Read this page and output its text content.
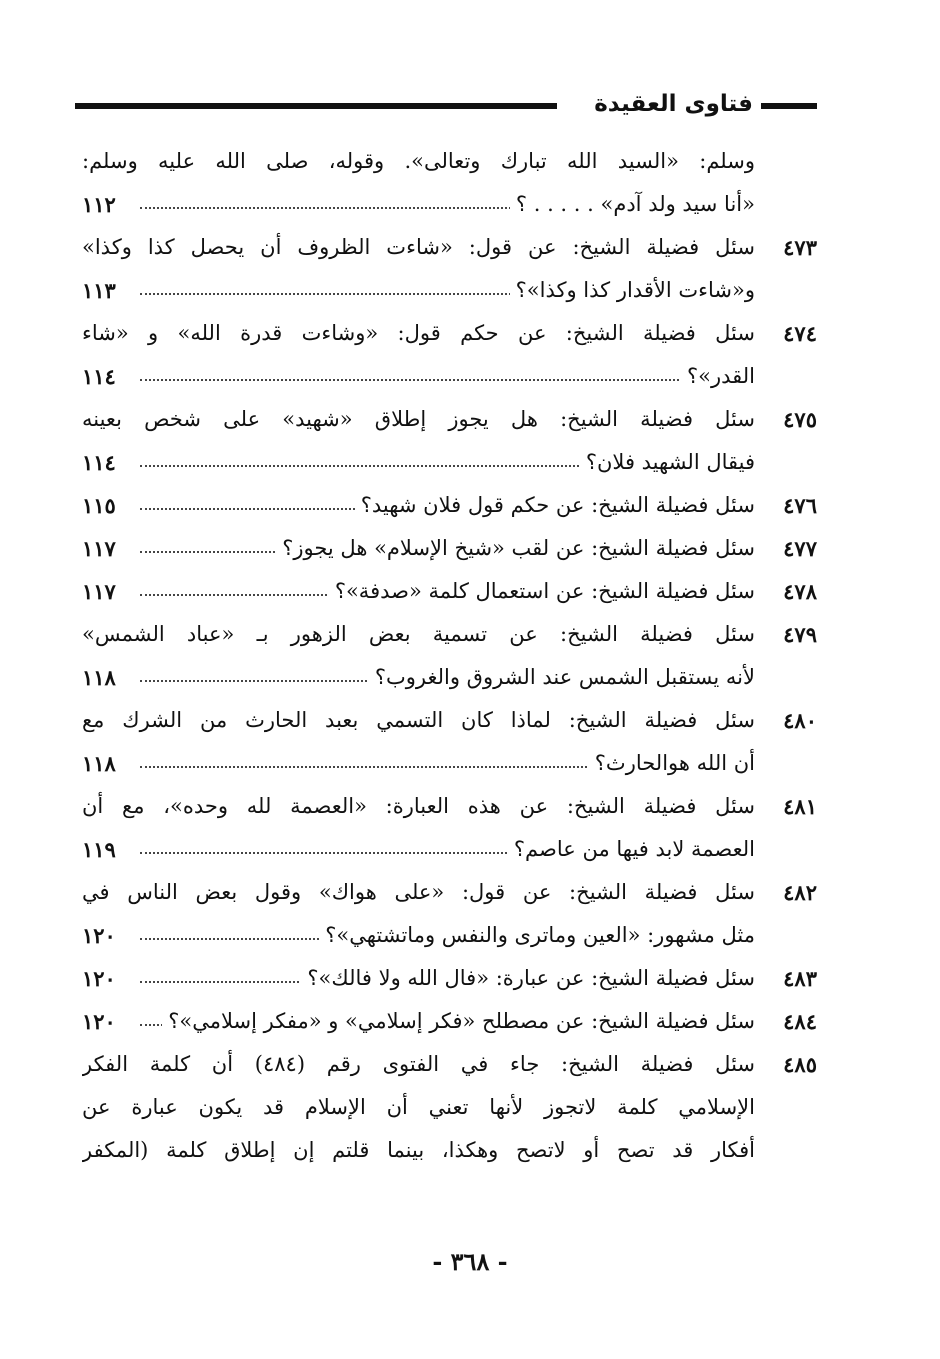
فتاوى العقيدة
وسلم: «السيد الله تبارك وتعالى». وقوله، صلى الله عليه وسلم:
«أنا سيد ولد آدم» . . . . . ؟
١١٢
٤٧٣
سئل فضيلة الشيخ: عن قول: «شاءت الظروف أن يحصل كذا وكذا»
و«شاءت الأقدار كذا وكذا»؟
١١٣
٤٧٤
سئل فضيلة الشيخ: عن حكم قول: «وشاءت قدرة الله» و «شاء
القدر»؟
١١٤
٤٧٥
سئل فضيلة الشيخ: هل يجوز إطلاق «شهيد» على شخص بعينه
فيقال الشهيد فلان؟
١١٤
٤٧٦
سئل فضيلة الشيخ: عن حكم قول فلان شهيد؟
١١٥
٤٧٧
سئل فضيلة الشيخ: عن لقب «شيخ الإسلام» هل يجوز؟
١١٧
٤٧٨
سئل فضيلة الشيخ: عن استعمال كلمة «صدفة»؟
١١٧
٤٧٩
سئل فضيلة الشيخ: عن تسمية بعض الزهور بـ «عباد الشمس»
لأنه يستقبل الشمس عند الشروق والغروب؟
١١٨
٤٨٠
سئل فضيلة الشيخ: لماذا كان التسمي بعبد الحارث من الشرك مع
أن الله هوالحارث؟
١١٨
٤٨١
سئل فضيلة الشيخ: عن هذه العبارة: «العصمة لله وحده»، مع أن
العصمة لابد فيها من عاصم؟
١١٩
٤٨٢
سئل فضيلة الشيخ: عن قول: «على هواك» وقول بعض الناس في
مثل مشهور: «العين وماترى والنفس وماتشتهي»؟
١٢٠
٤٨٣
سئل فضيلة الشيخ: عن عبارة: «فال الله ولا فالك»؟
١٢٠
٤٨٤
سئل فضيلة الشيخ: عن مصطلح «فكر إسلامي» و «مفكر إسلامي»؟
١٢٠
٤٨٥
سئل فضيلة الشيخ: جاء في الفتوى رقم (٤٨٤) أن كلمة الفكر
الإسلامي كلمة لاتجوز لأنها تعني أن الإسلام قد يكون عبارة عن
أفكار قد تصح أو لاتصح وهكذا، بينما قلتم إن إطلاق كلمة (المكفر
- ٣٦٨ -
